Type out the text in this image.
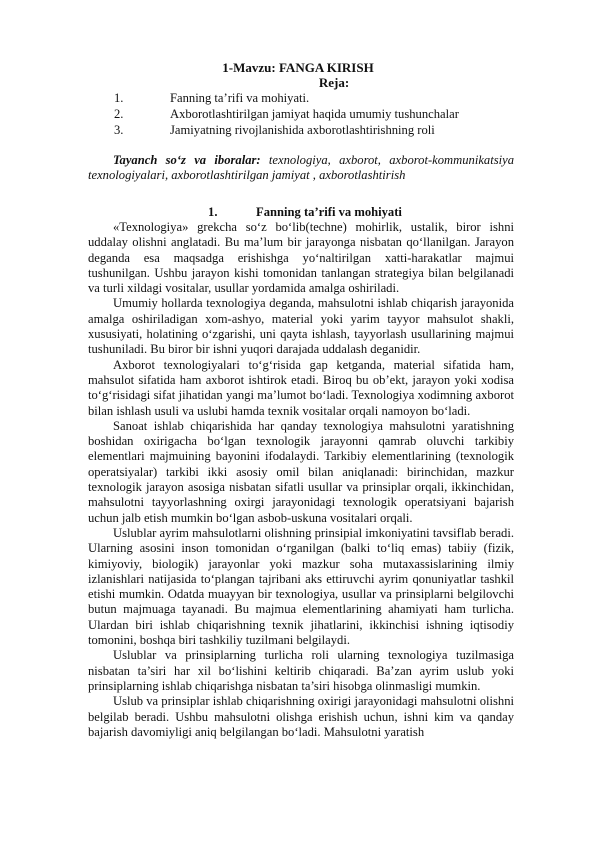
1-Mavzu: FANGA KIRISH
Reja:
1.	Fanning ta’rifi va mohiyati.
2.	Axborotlashtirilgan jamiyat haqida umumiy tushunchalar
3.	Jamiyatning rivojlanishida axborotlashtirishning roli
Tayanch so‘z va iboralar: texnologiya, axborot, axborot-kommunikatsiya texnologiyalari, axborotlashtirilgan jamiyat , axborotlashtirish
1.	Fanning ta’rifi va mohiyati

«Texnologiya» grekcha so‘z bo‘lib(techne) mohirlik, ustalik, biror ishni uddalay olishni anglatadi. Bu ma’lum bir jarayonga nisbatan qo‘llanilgan. Jarayon deganda esa maqsadga erishishga yo‘naltirilgan xatti-harakatlar majmui tushunilgan. Ushbu jarayon kishi tomonidan tanlangan strategiya bilan belgilanadi va turli xildagi vositalar, usullar yordamida amalga oshiriladi.

Umumiy hollarda texnologiya deganda, mahsulotni ishlab chiqarish jarayonida amalga oshiriladigan xom-ashyo, material yoki yarim tayyor mahsulot shakli, xususiyati, holatining o‘zgarishi, uni qayta ishlash, tayyorlash usullarining majmui tushuniladi. Bu biror bir ishni yuqori darajada uddalash deganidir.

Axborot texnologiyalari to‘g‘risida gap ketganda, material sifatida ham, mahsulot sifatida ham axborot ishtirok etadi. Biroq bu ob’ekt, jarayon yoki xodisa to‘g‘risidagi sifat jihatidan yangi ma’lumot bo‘ladi. Texnologiya xodimning axborot bilan ishlash usuli va uslubi hamda texnik vositalar orqali namoyon bo‘ladi.

Sanoat ishlab chiqarishida har qanday texnologiya mahsulotni yaratishning boshidan oxirigacha bo‘lgan texnologik jarayonni qamrab oluvchi tarkibiy elementlari majmuining bayonini ifodalaydi. Tarkibiy elementlarining (texnologik operatsiyalar) tarkibi ikki asosiy omil bilan aniqlanadi: birinchidan, mazkur texnologik jarayon asosiga nisbatan sifatli usullar va prinsiplar orqali, ikkinchidan, mahsulotni tayyorlashning oxirgi jarayonidagi texnologik operatsiyani bajarish uchun jalb etish mumkin bo‘lgan asbob-uskuna vositalari orqali.

Uslublar ayrim mahsulotlarni olishning prinsipial imkoniyatini tavsiflab beradi. Ularning asosini inson tomonidan o‘rganilgan (balki to‘liq emas) tabiiy (fizik, kimiyoviy, biologik) jarayonlar yoki mazkur soha mutaxassislarining ilmiy izlanishlari natijasida to‘plangan tajribani aks ettiruvchi ayrim qonuniyatlar tashkil etishi mumkin. Odatda muayyan bir texnologiya, usullar va prinsiplarni belgilovchi butun majmuaga tayanadi. Bu majmua elementlarining ahamiyati ham turlicha. Ulardan biri ishlab chiqarishning texnik jihatlarini, ikkinchisi ishning iqtisodiy tomonini, boshqa biri tashkiliy tuzilmani belgilaydi.

Uslublar va prinsiplarning turlicha roli ularning texnologiya tuzilmasiga nisbatan ta’siri har xil bo‘lishini keltirib chiqaradi. Ba’zan ayrim uslub yoki prinsiplarning ishlab chiqarishga nisbatan ta’siri hisobga olinmasligi mumkin.

Uslub va prinsiplar ishlab chiqarishning oxirigi jarayonidagi mahsulotni olishni belgilab beradi. Ushbu mahsulotni olishga erishish uchun, ishni kim va qanday bajarish davomiyligi aniq belgilangan bo‘ladi. Mahsulotni yaratish
